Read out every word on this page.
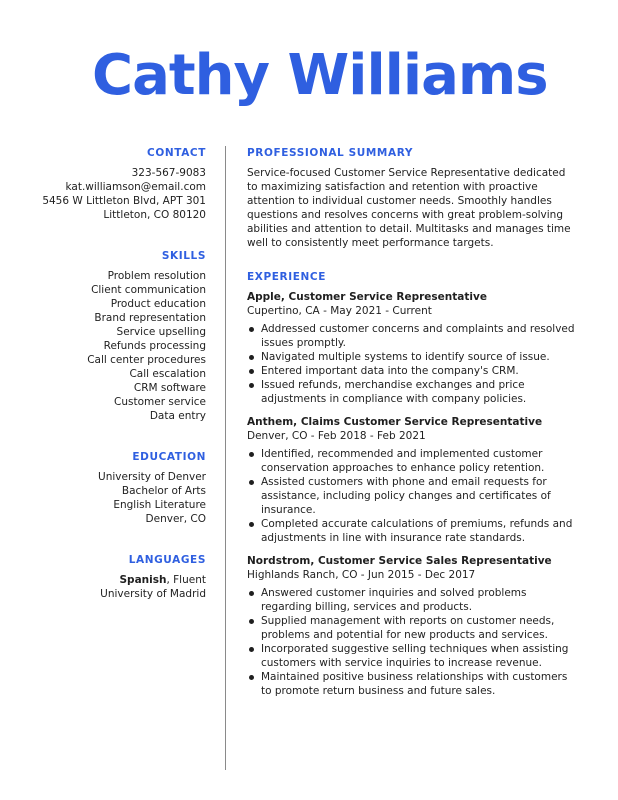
Cathy Williams
CONTACT
323-567-9083
kat.williamson@email.com
5456 W Littleton Blvd, APT 301
Littleton, CO 80120
SKILLS
Problem resolution
Client communication
Product education
Brand representation
Service upselling
Refunds processing
Call center procedures
Call escalation
CRM software
Customer service
Data entry
EDUCATION
University of Denver
Bachelor of Arts
English Literature
Denver, CO
LANGUAGES
Spanish, Fluent
University of Madrid
PROFESSIONAL SUMMARY
Service-focused Customer Service Representative dedicated
to maximizing satisfaction and retention with proactive
attention to individual customer needs. Smoothly handles
questions and resolves concerns with great problem-solving
abilities and attention to detail. Multitasks and manages time
well to consistently meet performance targets.
EXPERIENCE
Apple, Customer Service Representative
Cupertino, CA - May 2021 - Current
Addressed customer concerns and complaints and resolved
issues promptly.
Navigated multiple systems to identify source of issue.
Entered important data into the company's CRM.
Issued refunds, merchandise exchanges and price
adjustments in compliance with company policies.
Anthem, Claims Customer Service Representative
Denver, CO - Feb 2018 - Feb 2021
Identified, recommended and implemented customer
conservation approaches to enhance policy retention.
Assisted customers with phone and email requests for
assistance, including policy changes and certificates of
insurance.
Completed accurate calculations of premiums, refunds and
adjustments in line with insurance rate standards.
Nordstrom, Customer Service Sales Representative
Highlands Ranch, CO - Jun 2015 - Dec 2017
Answered customer inquiries and solved problems
regarding billing, services and products.
Supplied management with reports on customer needs,
problems and potential for new products and services.
Incorporated suggestive selling techniques when assisting
customers with service inquiries to increase revenue.
Maintained positive business relationships with customers
to promote return business and future sales.
